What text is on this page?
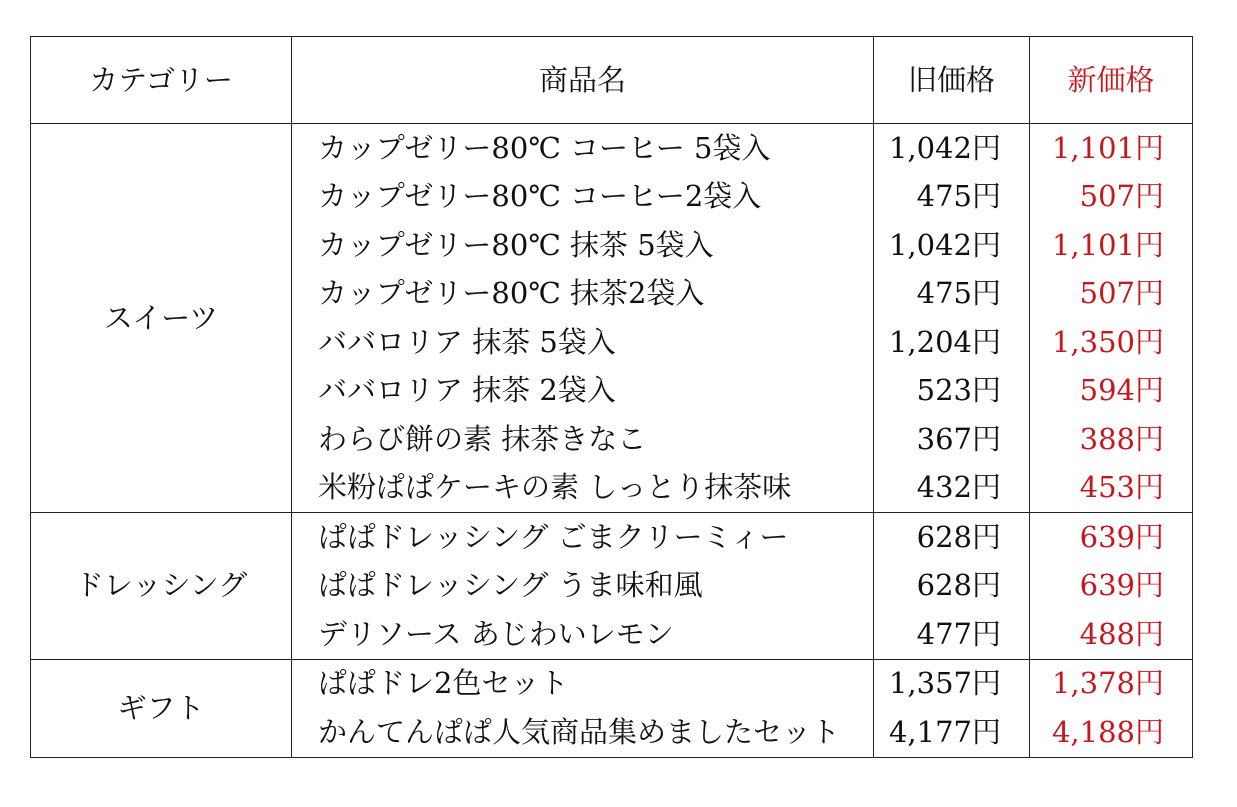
カテゴリー	商品名	旧価格	新価格
スイーツ	カップゼリー80℃ コーヒー 5袋入	1,042円	1,101円
	カップゼリー80℃ コーヒー2袋入	475円	507円
	カップゼリー80℃ 抹茶 5袋入	1,042円	1,101円
	カップゼリー80℃ 抹茶2袋入	475円	507円
	ババロリア 抹茶 5袋入	1,204円	1,350円
	ババロリア 抹茶 2袋入	523円	594円
	わらび餅の素 抹茶きなこ	367円	388円
	米粉ぱぱケーキの素 しっとり抹茶味	432円	453円
ドレッシング	ぱぱドレッシング ごまクリーミィー	628円	639円
	ぱぱドレッシング うま味和風	628円	639円
	デリソース あじわいレモン	477円	488円
ギフト	ぱぱドレ2色セット	1,357円	1,378円
	かんてんぱぱ人気商品集めましたセット	4,177円	4,188円
